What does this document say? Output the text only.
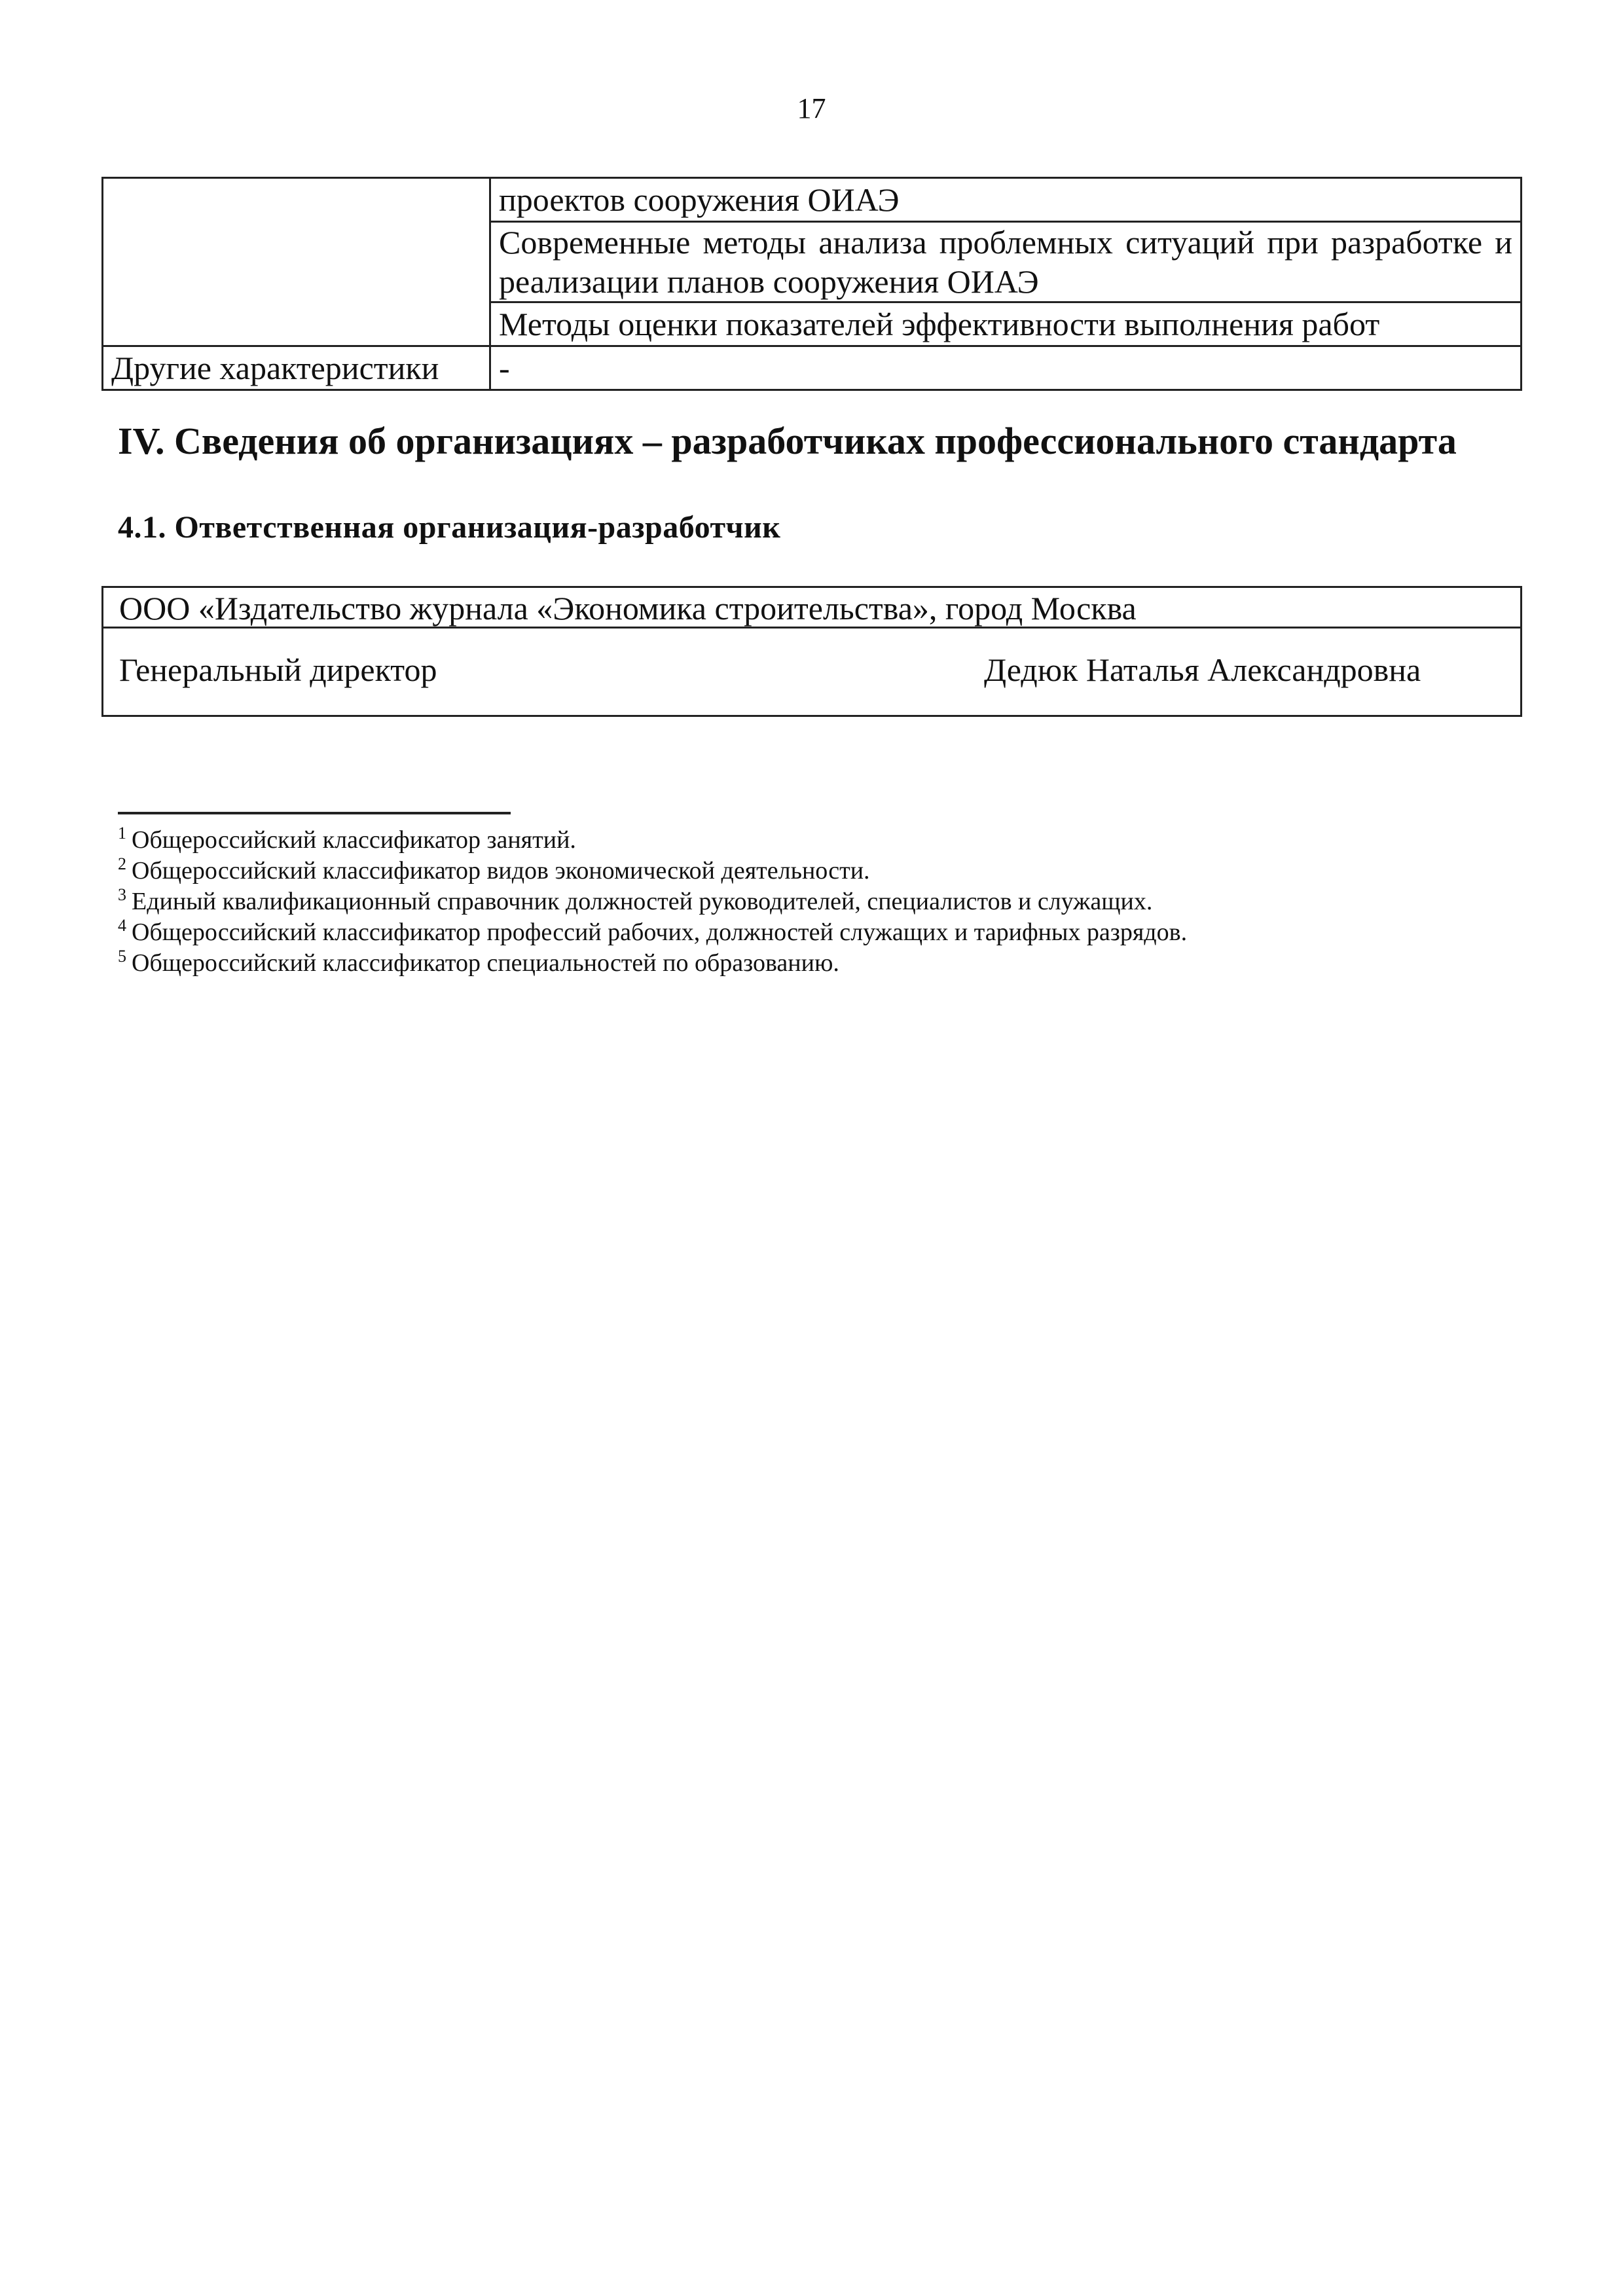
17
	проектов сооружения ОИАЭ
	Современные методы анализа проблемных ситуаций при разработке и реализации планов сооружения ОИАЭ
	Методы оценки показателей эффективности выполнения работ
Другие характеристики	-
IV. Сведения об организациях – разработчиках профессионального стандарта
4.1. Ответственная организация-разработчик
ООО «Издательство журнала «Экономика строительства», город Москва
Генеральный директор	Дедюк Наталья Александровна
$^1$ Общероссийский классификатор занятий.
$^2$ Общероссийский классификатор видов экономической деятельности.
$^3$ Единый квалификационный справочник должностей руководителей, специалистов и служащих.
$^4$ Общероссийский классификатор профессий рабочих, должностей служащих и тарифных разрядов.
$^5$ Общероссийский классификатор специальностей по образованию.
